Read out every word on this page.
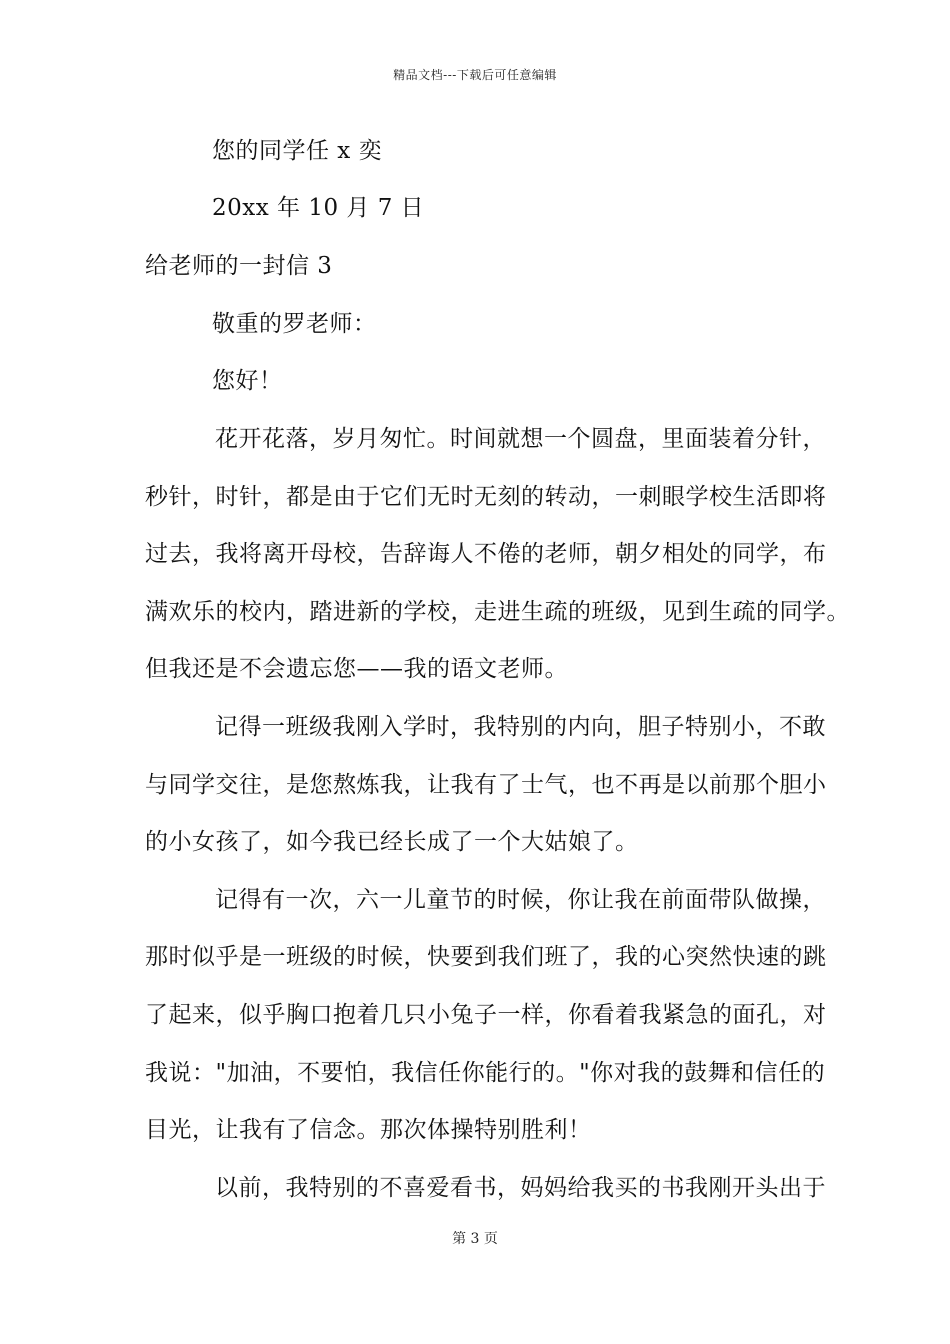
精品文档---下载后可任意编辑
您的同学任 x 奕
20xx 年 10 月 7 日
给老师的一封信 3
敬重的罗老师：
您好！
花开花落，岁月匆忙。时间就想一个圆盘，里面装着分针，
秒针，时针，都是由于它们无时无刻的转动，一刺眼学校生活即将
过去，我将离开母校，告辞诲人不倦的老师，朝夕相处的同学，布
满欢乐的校内，踏进新的学校，走进生疏的班级，见到生疏的同学。
但我还是不会遗忘您——我的语文老师。
记得一班级我刚入学时，我特别的内向，胆子特别小，不敢
与同学交往，是您熬炼我，让我有了士气，也不再是以前那个胆小
的小女孩了，如今我已经长成了一个大姑娘了。
记得有一次，六一儿童节的时候，你让我在前面带队做操，
那时似乎是一班级的时候，快要到我们班了，我的心突然快速的跳
了起来，似乎胸口抱着几只小兔子一样，你看着我紧急的面孔，对
我说："加油，不要怕，我信任你能行的。"你对我的鼓舞和信任的
目光，让我有了信念。那次体操特别胜利！
以前，我特别的不喜爱看书，妈妈给我买的书我刚开头出于
第 3 页
